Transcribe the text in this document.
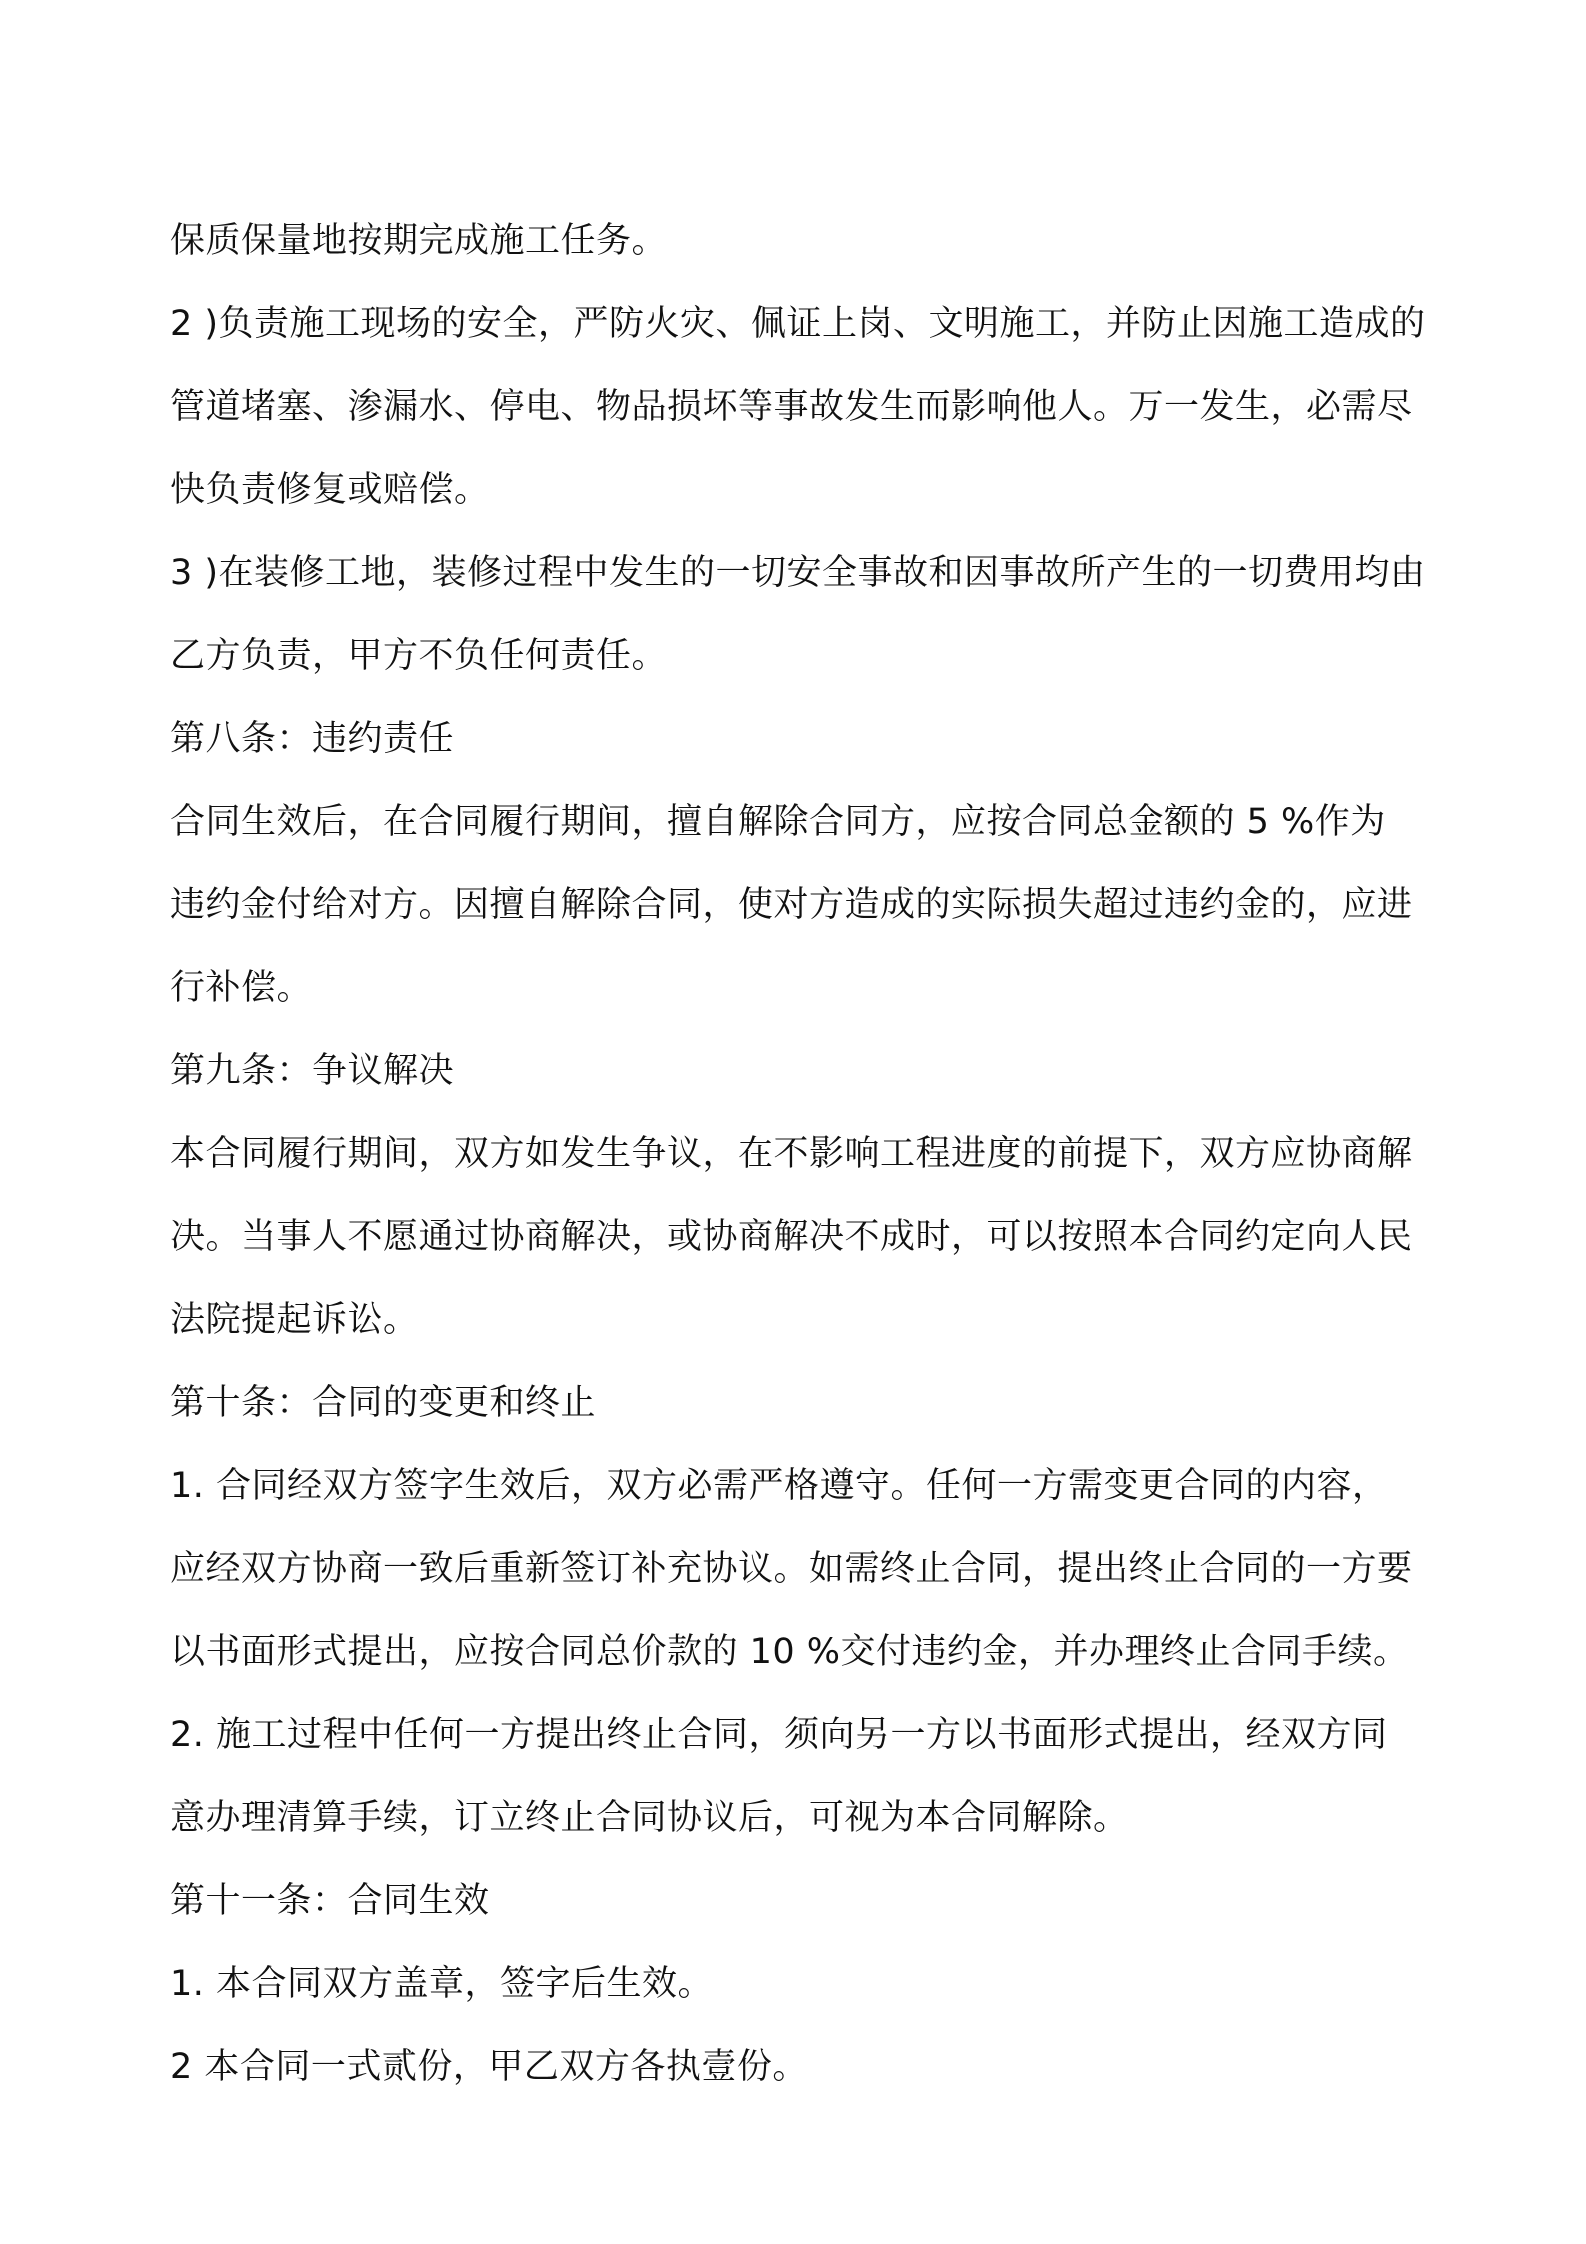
保质保量地按期完成施工任务。
2 )负责施工现场的安全，严防火灾、佩证上岗、文明施工，并防止因施工造成的
管道堵塞、渗漏水、停电、物品损坏等事故发生而影响他人。万一发生，必需尽
快负责修复或赔偿。
3 )在装修工地，装修过程中发生的一切安全事故和因事故所产生的一切费用均由
乙方负责，甲方不负任何责任。
第八条：违约责任
合同生效后，在合同履行期间，擅自解除合同方，应按合同总金额的 5 %作为
违约金付给对方。因擅自解除合同，使对方造成的实际损失超过违约金的，应进
行补偿。
第九条：争议解决
本合同履行期间，双方如发生争议，在不影响工程进度的前提下，双方应协商解
决。当事人不愿通过协商解决，或协商解决不成时，可以按照本合同约定向人民
法院提起诉讼。
第十条：合同的变更和终止
1. 合同经双方签字生效后，双方必需严格遵守。任何一方需变更合同的内容，
应经双方协商一致后重新签订补充协议。如需终止合同，提出终止合同的一方要
以书面形式提出，应按合同总价款的 10 %交付违约金，并办理终止合同手续。
2. 施工过程中任何一方提出终止合同，须向另一方以书面形式提出，经双方同
意办理清算手续，订立终止合同协议后，可视为本合同解除。
第十一条：合同生效
1. 本合同双方盖章，签字后生效。
2 本合同一式贰份，甲乙双方各执壹份。
